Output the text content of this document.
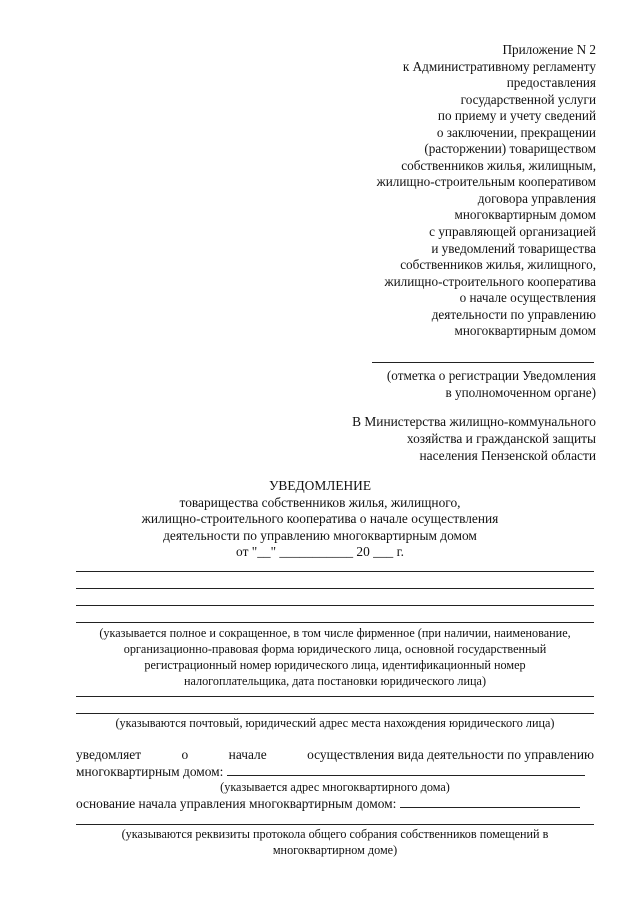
Приложение N 2
к Административному регламенту
предоставления
государственной услуги
по приему и учету сведений
о заключении, прекращении
(расторжении) товариществом
собственников жилья, жилищным,
жилищно-строительным кооперативом
договора управления
многоквартирным домом
с управляющей организацией
и уведомлений товарищества
собственников жилья, жилищного,
жилищно-строительного кооператива
о начале осуществления
деятельности по управлению
многоквартирным домом
(отметка о регистрации Уведомления
в уполномоченном органе)
В Министерства жилищно-коммунального
хозяйства и гражданской защиты
населения Пензенской области
УВЕДОМЛЕНИЕ
товарищества собственников жилья, жилищного,
жилищно-строительного кооператива о начале осуществления
деятельности по управлению многоквартирным домом
от "__" ___________ 20 ___ г.
(указывается полное и сокращенное, в том числе фирменное (при наличии, наименование,
организационно-правовая форма юридического лица, основной государственный
регистрационный номер юридического лица, идентификационный номер
налогоплательщика, дата постановки юридического лица)
(указываются почтовый, юридический адрес места нахождения юридического лица)
уведомляет	о	начале	осуществления вида деятельности по управлению
многоквартирным домом:
(указывается адрес многоквартирного дома)
основание начала управления многоквартирным домом:
(указываются реквизиты протокола общего собрания собственников помещений в
многоквартирном доме)
